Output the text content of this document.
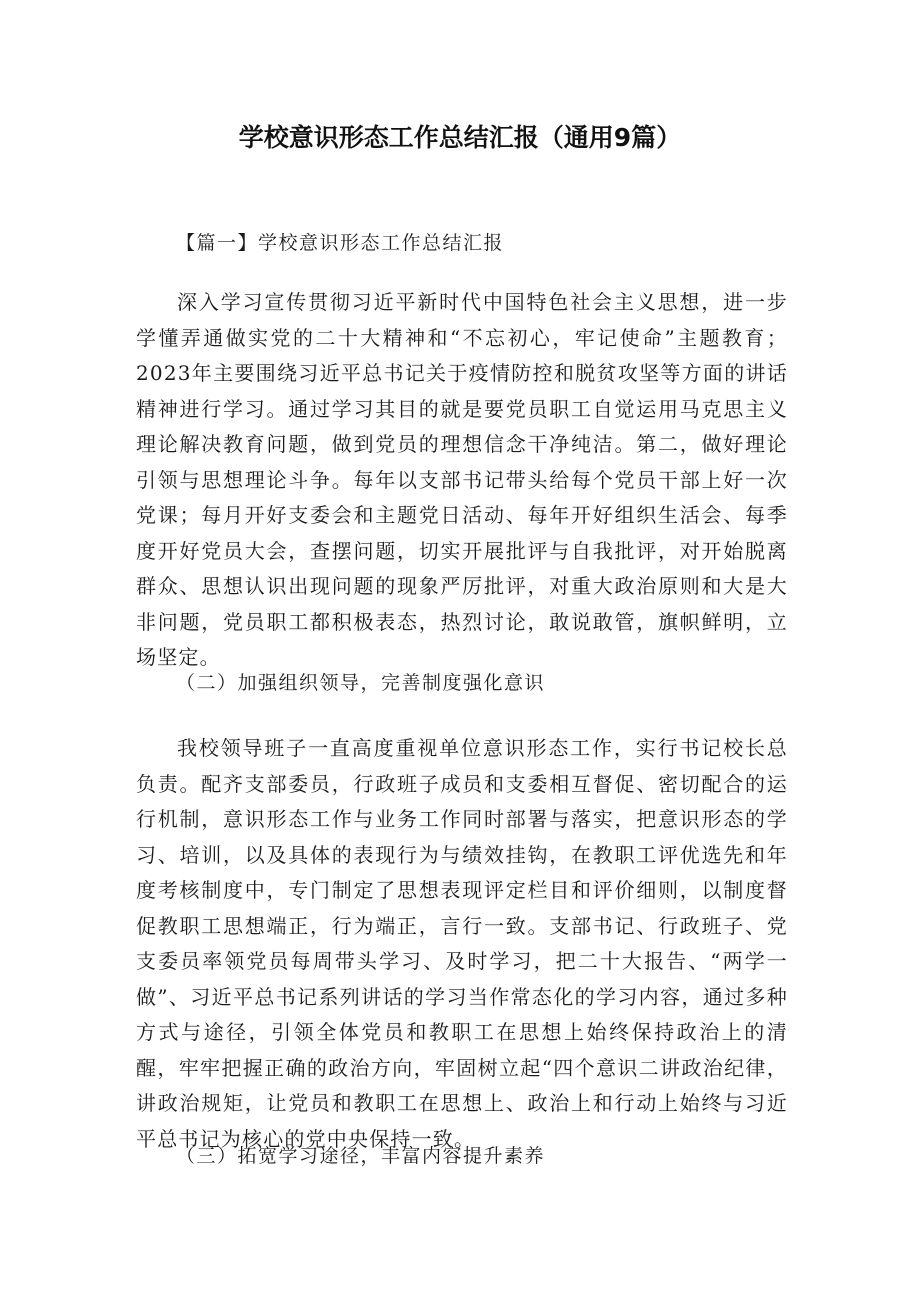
学校意识形态工作总结汇报（通用9篇）
【篇一】学校意识形态工作总结汇报

深入学习宣传贯彻习近平新时代中国特色社会主义思想，进一步学懂弄通做实党的二十大精神和“不忘初心，牢记使命”主题教育；2023年主要围绕习近平总书记关于疫情防控和脱贫攻坚等方面的讲话精神进行学习。通过学习其目的就是要党员职工自觉运用马克思主义理论解决教育问题，做到党员的理想信念干净纯洁。第二，做好理论引领与思想理论斗争。每年以支部书记带头给每个党员干部上好一次党课；每月开好支委会和主题党日活动、每年开好组织生活会、每季度开好党员大会，查摆问题，切实开展批评与自我批评，对开始脱离群众、思想认识出现问题的现象严厉批评，对重大政治原则和大是大非问题，党员职工都积极表态，热烈讨论，敢说敢管，旗帜鲜明，立场坚定。

（二）加强组织领导，完善制度强化意识

我校领导班子一直高度重视单位意识形态工作，实行书记校长总负责。配齐支部委员，行政班子成员和支委相互督促、密切配合的运行机制，意识形态工作与业务工作同时部署与落实，把意识形态的学习、培训，以及具体的表现行为与绩效挂钩，在教职工评优选先和年度考核制度中，专门制定了思想表现评定栏目和评价细则，以制度督促教职工思想端正，行为端正，言行一致。支部书记、行政班子、党支委员率领党员每周带头学习、及时学习，把二十大报告、“两学一做”、习近平总书记系列讲话的学习当作常态化的学习内容，通过多种方式与途径，引领全体党员和教职工在思想上始终保持政治上的清醒，牢牢把握正确的政治方向，牢固树立起“四个意识二讲政治纪律，讲政治规矩，让党员和教职工在思想上、政治上和行动上始终与习近平总书记为核心的党中央保持一致。

（三）拓宽学习途径，丰富内容提升素养
